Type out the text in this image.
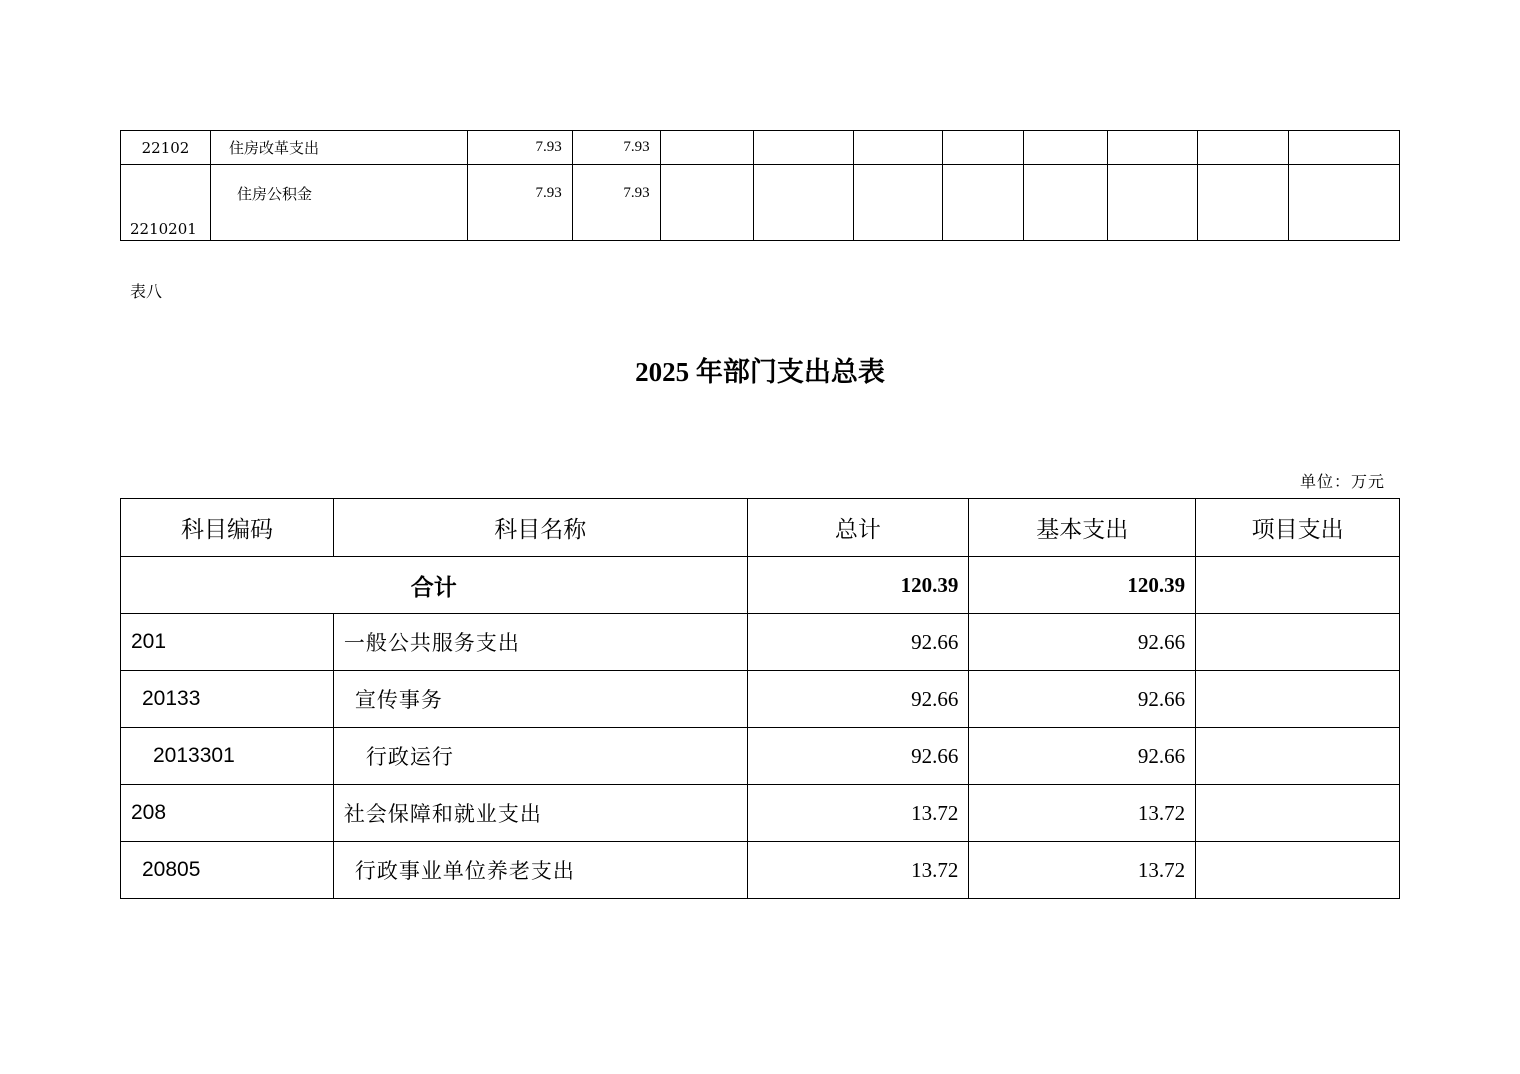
22102	住房改革支出	7.93	7.93								
2210201	住房公积金	7.93	7.93								
表八
2025 年部门支出总表
单位：万元
科目编码	科目名称	总计	基本支出	项目支出
合计		120.39	120.39	
201	一般公共服务支出	92.66	92.66	
20133	宣传事务	92.66	92.66	
2013301	行政运行	92.66	92.66	
208	社会保障和就业支出	13.72	13.72	
20805	行政事业单位养老支出	13.72	13.72	
